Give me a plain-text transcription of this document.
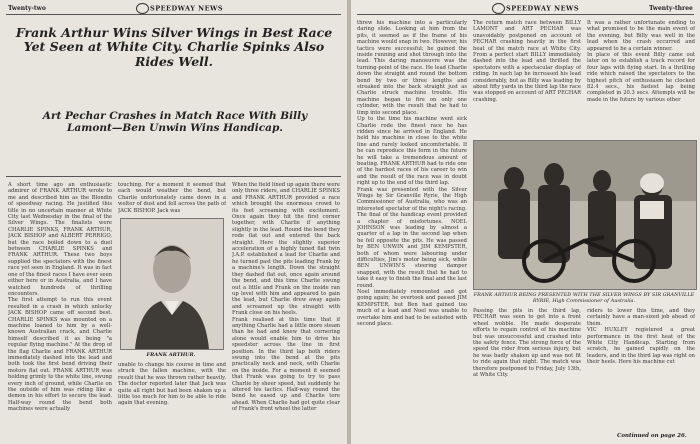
Twenty-two	SPEEDWAY NEWS
Frank Arthur Wins Silver Wings in Best Race Yet Seen at White City. Charlie Spinks Also Rides Well.
Art Pechar Crashes in Match Race With Billy Lamont—Ben Unwin Wins Handicap.
A short time ago an enthusiastic admirer of FRANK ARTHUR wrote to me and described him as the Blondin of speedway racing. He justified this title in no uncertain manner at White City last Wednesday in the final of the Silver Wings. The finalists were CHARLIE SPINKS, FRANK ARTHUR, JACK BISHOP and ALBERT PERRIGO, but the race boiled down to a duel between CHARLIE SPINKS and FRANK ARTHUR. These two boys supplied the spectators with the finest race yet seen in England. It was in fact one of the finest races I have ever seen either here or in Australia, and I have watched hundreds of thrilling encounters.
The first attempt to run this event resulted in a crash in which unlucky JACK BISHOP came off second best. CHARLIE SPINKS was mounted on a machine loaned to him by a well-known Australian crack, and Charlie himself described it as being "a regular flying machine." At the drop of the flag Charlie and FRANK ARTHUR immediately dashed into the lead and both took the first bend driving their motors flat out. FRANK ARTHUR was holding grimly to the white line, swung every inch of ground, while Charlie on the outside of him was riding like a demon in his effort to secure the lead. Half-way round the bend both machines were actually
touching. For a moment it seemed that each would weather the bend, but Charlie unfortunately came down in a welter of dust and fell across the path of JACK BISHOP. Jack was
FRANK ARTHUR.
unable to change his course in time and struck the fallen machine, with the result that he was thrown rather heavily. The doctor reported later that Jack was quite all right but had been shaken up a little too much for him to be able to ride again that evening.
When the field lined up again there were only three riders, and CHARLIE SPINKS and FRANK ARTHUR provided a race which brought the enormous crowd to its feet screaming with excitement. Once again they hit the first corner together, with Charlie if anything slightly in the lead. Round the bend they rode flat out and entered the back straight. Here the slightly superior acceleration of a highly tuned flat twin J.A.P. established a lead for Charlie and he turned past the pits leading Frank by a machine's length. Down the straight they dashed flat out, once again around the bend, and this time Charlie swung out a little and Frank on the inside ran up level with him and appeared to gain the lead, but Charlie drew away again and screamed up the straight with Frank close on his heels.
Frank realised at this time that if anything Charlie had a little more steam than he had and knew that cornering alone would enable him to drive his speedster across the line in first position. In the third lap both riders swung into the bend at the pits practically neck and neck, with Charlie on the inside. For a moment it seemed that Frank was going to try to pass Charlie by sheer speed, but suddenly he altered his tactics. Half-way round the bend he eased up and Charlie tore ahead. When Charlie had got quite clear of Frank's front wheel the latter
SPEEDWAY NEWS	Twenty-three
threw his machine into a particularly daring slide. Looking at him from the pits, it seemed as if the frame of his machine would snap in two. However, his tactics were successful; he gained the inside running and shot through into the lead. This daring manoeuvre was the turning-point of the race. He lead Charlie down the straight and round the bottom bend by two or three lengths and streaked into the back straight just as Charlie struck machine trouble. His machine began to fire on only one cylinder, with the result that he had to limp into second place.
Up to the time his machine went sick Charlie rode the finest race he has ridden since he arrived in England. He held his machine in close to the white line and rarely looked uncomfortable. If he can reproduce this form in the future he will take a tremendous amount of beating. FRANK ARTHUR had to ride one of the hardest races of his career to win and the result of the race was in doubt right up to the end of the third lap.
Frank was presented with the Silver Wings by Sir Granville Ryrie, the High Commissioner of Australia, who was an interested spectator of the night's racing.
The final of the handicap event provided a chapter of misfortunes. NOEL JOHNSON was leading by almost a quarter of a lap in the second lap when he fell opposite the pits. He was passed by BEN UNWIN and JIM KEMPSTER, both of whom were labouring under difficulties, Jim's motor being sick, while BEN UNWIN'S steering damper snapped, with the result that he had to take it easy to finish the final and the last round.
Noel immediately remounted and got going again; he overtook and passed JIM KEMPSTER, but Ben had gained too much of a lead and Noel was unable to overtake him and had to be satisfied with second place.
The return match race between BILLY LAMONT and ART PECHAR was unavoidably postponed on account of PECHAR crashing heavily in the first heat of the match race at White City. From a perfect start BILLY immediately dashed into the lead and thrilled the spectators with a spectacular display of riding. In each lap he increased his lead considerably, but as Billy was leading by about fifty yards in the third lap the race was stopped on account of ART PECHAR crashing.
It was a rather unfortunate ending to what promised to be the main event of the evening, but Billy was well in the lead when the crash occurred and appeared to be a certain winner.
In place of this event Billy came out later on to establish a track record for four laps with flying start. In a thrilling ride which raised the spectators to the highest pitch of enthusiasm he clocked 82.4 secs., his fastest lap being completed in 20.3 secs. Attempts will be made in the future by various other
FRANK ARTHUR BEING PRESENTED WITH THE SILVER WINGS BY SIR GRANVILLE RYRIE, High Commissioner of Australia.
Passing the pits in the third lap, PECHAR was seen to get into a front wheel wobble. He made desperate efforts to regain control of his machine but was unsuccessful and crashed into the safety fence. The strong force of the speed the rider from serious injury, but he was badly shaken up and was not fit to ride again that night. The match was therefore postponed to Friday, July 13th, at White City.
riders to lower this time, and they certainly have a man-sized job ahead of them.
VIC HUXLEY registered a great performance in the first heat of the White City Handicap. Starting from scratch, he gained rapidly on the leaders, and in the third lap was right on their heels. Here his machine cut
Continued on page 26.
